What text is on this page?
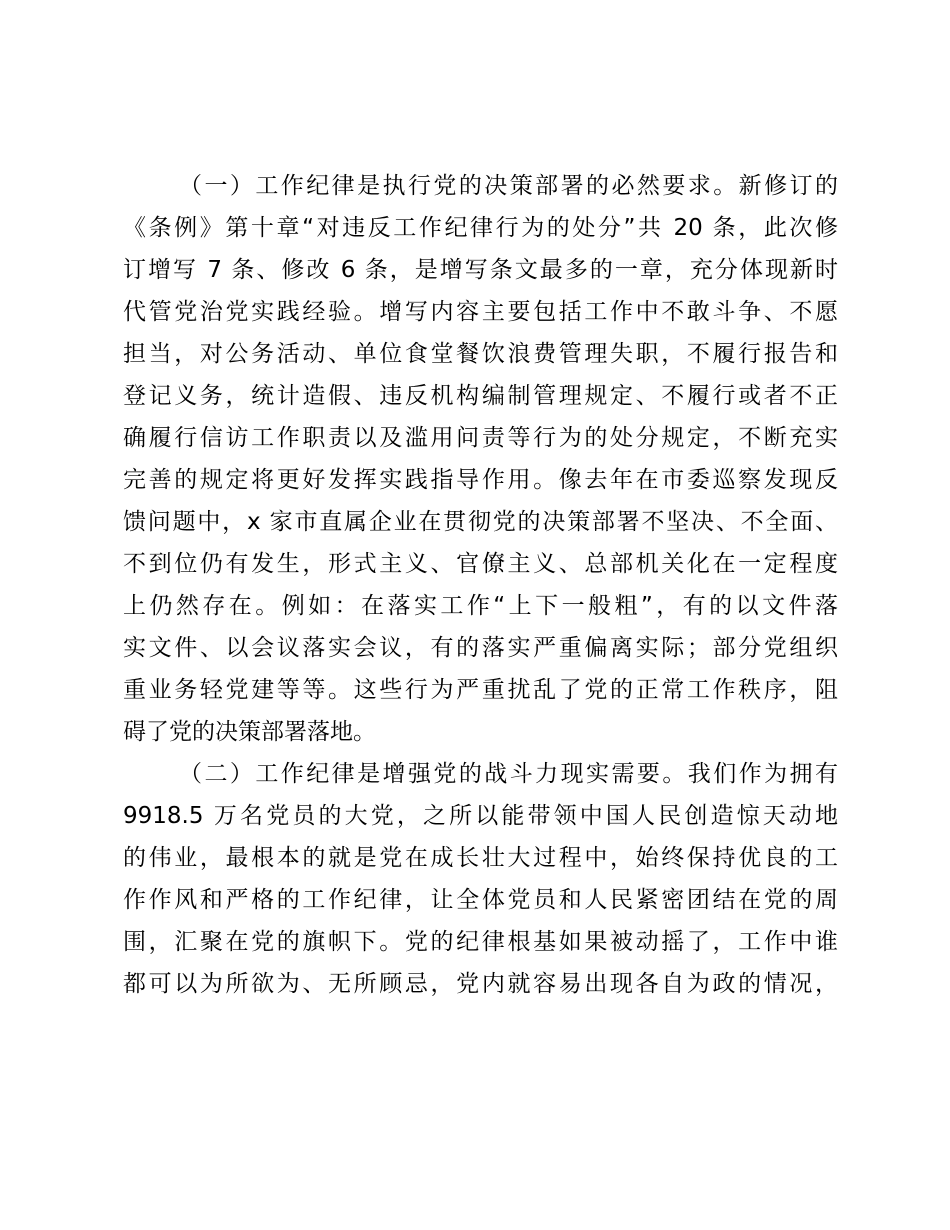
（一）工作纪律是执行党的决策部署的必然要求。新修订的
《条例》第十章“对违反工作纪律行为的处分”共 20 条，此次修
订增写 7 条、修改 6 条，是增写条文最多的一章，充分体现新时
代管党治党实践经验。增写内容主要包括工作中不敢斗争、不愿
担当，对公务活动、单位食堂餐饮浪费管理失职，不履行报告和
登记义务，统计造假、违反机构编制管理规定、不履行或者不正
确履行信访工作职责以及滥用问责等行为的处分规定，不断充实
完善的规定将更好发挥实践指导作用。像去年在市委巡察发现反
馈问题中，x 家市直属企业在贯彻党的决策部署不坚决、不全面、
不到位仍有发生，形式主义、官僚主义、总部机关化在一定程度
上仍然存在。例如：在落实工作“上下一般粗”，有的以文件落
实文件、以会议落实会议，有的落实严重偏离实际；部分党组织
重业务轻党建等等。这些行为严重扰乱了党的正常工作秩序，阻
碍了党的决策部署落地。
（二）工作纪律是增强党的战斗力现实需要。我们作为拥有
9918.5 万名党员的大党，之所以能带领中国人民创造惊天动地
的伟业，最根本的就是党在成长壮大过程中，始终保持优良的工
作作风和严格的工作纪律，让全体党员和人民紧密团结在党的周
围，汇聚在党的旗帜下。党的纪律根基如果被动摇了，工作中谁
都可以为所欲为、无所顾忌，党内就容易出现各自为政的情况，
